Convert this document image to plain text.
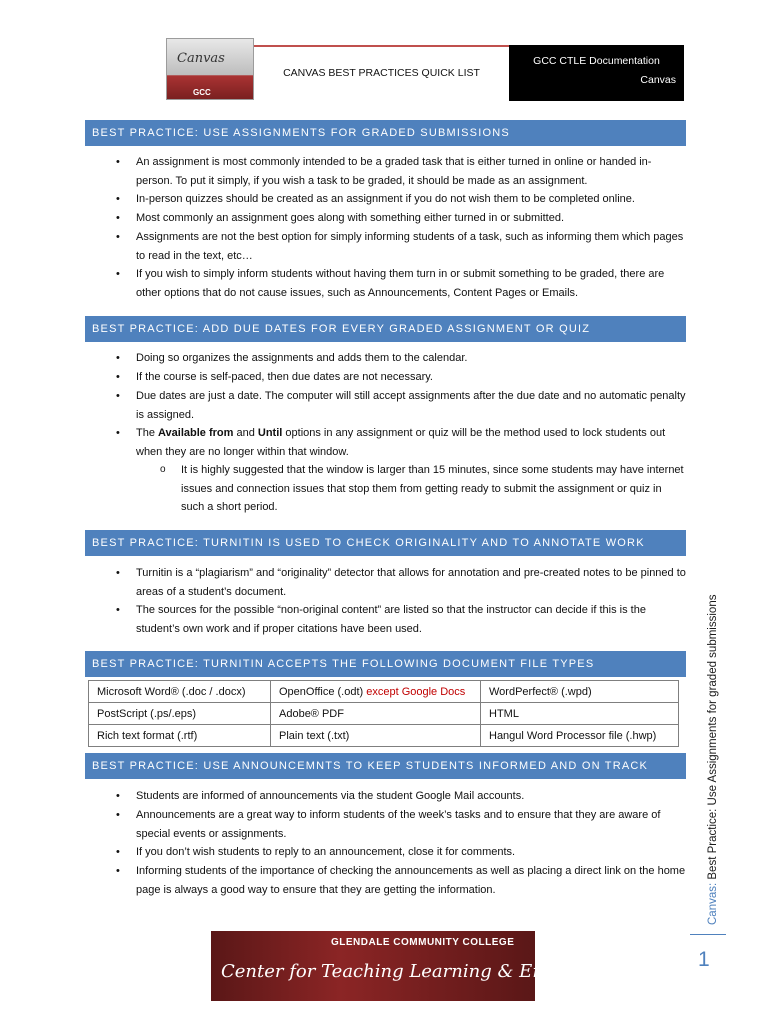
Canvas
GCC
CANVAS BEST PRACTICES QUICK LIST
GCC CTLE Documentation
Canvas
BEST PRACTICE: USE ASSIGNMENTS FOR GRADED SUBMISSIONS
• An assignment is most commonly intended to be a graded task that is either turned in online or handed in-person. To put it simply, if you wish a task to be graded, it should be made as an assignment.
• In-person quizzes should be created as an assignment if you do not wish them to be completed online.
• Most commonly an assignment goes along with something either turned in or submitted.
• Assignments are not the best option for simply informing students of a task, such as informing them which pages to read in the text, etc…
• If you wish to simply inform students without having them turn in or submit something to be graded, there are other options that do not cause issues, such as Announcements, Content Pages or Emails.
BEST PRACTICE: ADD DUE DATES FOR EVERY GRADED ASSIGNMENT OR QUIZ
• Doing so organizes the assignments and adds them to the calendar.
• If the course is self-paced, then due dates are not necessary.
• Due dates are just a date. The computer will still accept assignments after the due date and no automatic penalty is assigned.
• The Available from and Until options in any assignment or quiz will be the method used to lock students out when they are no longer within that window.
o It is highly suggested that the window is larger than 15 minutes, since some students may have internet issues and connection issues that stop them from getting ready to submit the assignment or quiz in such a short period.
BEST PRACTICE: TURNITIN IS USED TO CHECK ORIGINALITY AND TO ANNOTATE WORK
• Turnitin is a “plagiarism” and “originality” detector that allows for annotation and pre-created notes to be pinned to areas of a student’s document.
• The sources for the possible “non-original content” are listed so that the instructor can decide if this is the student’s own work and if proper citations have been used.
BEST PRACTICE: TURNITIN ACCEPTS THE FOLLOWING DOCUMENT FILE TYPES
Microsoft Word® (.doc / .docx)	OpenOffice (.odt) except Google Docs	WordPerfect® (.wpd)
PostScript (.ps/.eps)	Adobe® PDF	HTML
Rich text format (.rtf)	Plain text (.txt)	Hangul Word Processor file (.hwp)
BEST PRACTICE: USE ANNOUNCEMNTS TO KEEP STUDENTS INFORMED AND ON TRACK
• Students are informed of announcements via the student Google Mail accounts.
• Announcements are a great way to inform students of the week’s tasks and to ensure that they are aware of special events or assignments.
• If you don’t wish students to reply to an announcement, close it for comments.
• Informing students of the importance of checking the announcements as well as placing a direct link on the home page is always a good way to ensure that they are getting the information.	Canvas: Best Practice: Use Assignments for graded submissions
1
GLENDALE COMMUNITY COLLEGE
Center for Teaching Learning & Engagement
